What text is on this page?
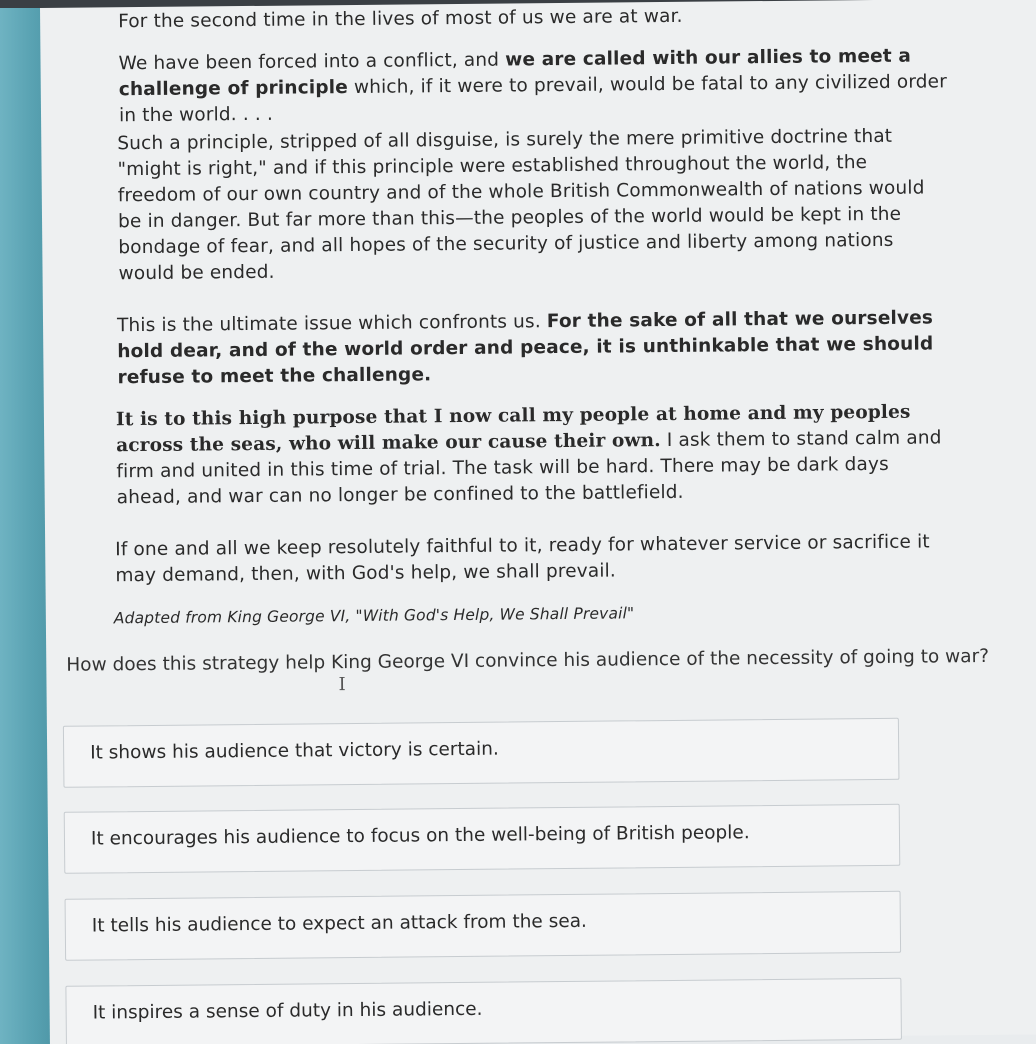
For the second time in the lives of most of us we are at war.

We have been forced into a conflict, and we are called with our allies to meet a challenge of principle which, if it were to prevail, would be fatal to any civilized order in the world. . . .

Such a principle, stripped of all disguise, is surely the mere primitive doctrine that "might is right," and if this principle were established throughout the world, the freedom of our own country and of the whole British Commonwealth of nations would be in danger. But far more than this—the peoples of the world would be kept in the bondage of fear, and all hopes of the security of justice and liberty among nations would be ended.

This is the ultimate issue which confronts us. For the sake of all that we ourselves hold dear, and of the world order and peace, it is unthinkable that we should refuse to meet the challenge.

It is to this high purpose that I now call my people at home and my peoples across the seas, who will make our cause their own. I ask them to stand calm and firm and united in this time of trial. The task will be hard. There may be dark days ahead, and war can no longer be confined to the battlefield.

If one and all we keep resolutely faithful to it, ready for whatever service or sacrifice it may demand, then, with God's help, we shall prevail.

Adapted from King George VI, "With God's Help, We Shall Prevail"
How does this strategy help Ki
I
ng George VI convince his audience of the necessity of going to war?
It shows his audience that victory is certain.
It encourages his audience to focus on the well-being of British people.
It tells his audience to expect an attack from the sea.
It inspires a sense of duty in his audience.
